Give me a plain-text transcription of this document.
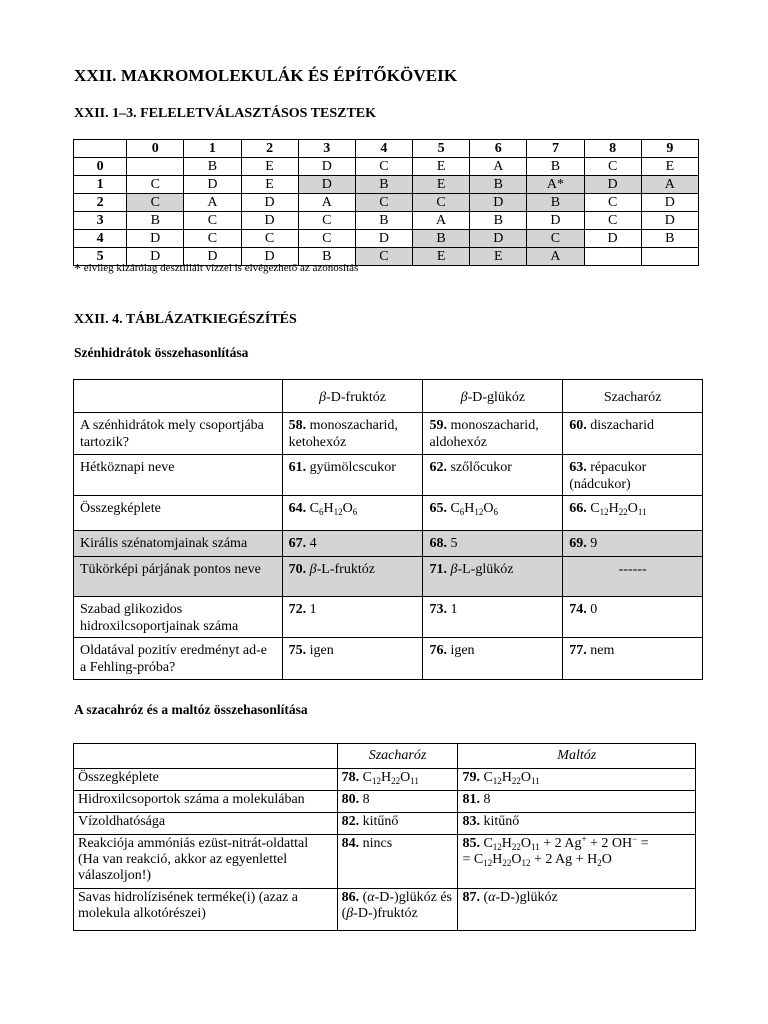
XXII. MAKROMOLEKULÁK ÉS ÉPÍTŐKÖVEIK
XXII. 1–3. FELELETVÁLASZTÁSOS TESZTEK
	0	1	2	3	4	5	6	7	8	9
0		B	E	D	C	E	A	B	C	E
1	C	D	E	D	B	E	B	A*	D	A
2	C	A	D	A	C	C	D	B	C	D
3	B	C	D	C	B	A	B	D	C	D
4	D	C	C	C	D	B	D	C	D	B
5	D	D	D	B	C	E	E	A		
* elvileg kizárólag desztillált vízzel is elvégezhető az azonosítás
XXII. 4. TÁBLÁZATKIEGÉSZÍTÉS
Szénhidrátok összehasonlítása
	β-D-fruktóz	β-D-glükóz	Szacharóz
A szénhidrátok mely csoportjába tartozik?	58. monoszacharid, ketohexóz	59. monoszacharid, aldohexóz	60. diszacharid
Hétköznapi neve	61. gyümölcscukor	62. szőlőcukor	63. répacukor (nádcukor)
Összegképlete	64. $C_6H_{12}O_6$	65. $C_6H_{12}O_6$	66. $C_{12}H_{22}O_{11}$
Királis szénatomjainak száma	67. 4	68. 5	69. 9
Tükörképi párjának pontos neve	70. β-L-fruktóz	71. β-L-glükóz	------
Szabad glikozidos hidroxilcsoportjainak száma	72. 1	73. 1	74. 0
Oldatával pozitív eredményt ad-e a Fehling-próba?	75. igen	76. igen	77. nem
A szacahróz és a maltóz összehasonlítása
	Szacharóz	Maltóz
Összegképlete	78. $C_{12}H_{22}O_{11}$	79. $C_{12}H_{22}O_{11}$
Hidroxilcsoportok száma a molekulában	80. 8	81. 8
Vízoldhatósága	82. kitűnő	83. kitűnő
Reakciója ammóniás ezüst-nitrát-oldattal (Ha van reakció, akkor az egyenlettel válaszoljon!)	84. nincs	85. $C_{12}H_{22}O_{11} + 2$ Ag+ + 2 OH− =
= $C_{12}H_{22}O_{12} + 2$ $Ag + H_2O$
Savas hidrolízisének terméke(i) (azaz a molekula alkotórészei)	86. (α-D-)glükóz és (β-D-)fruktóz	87. (α-D-)glükóz
